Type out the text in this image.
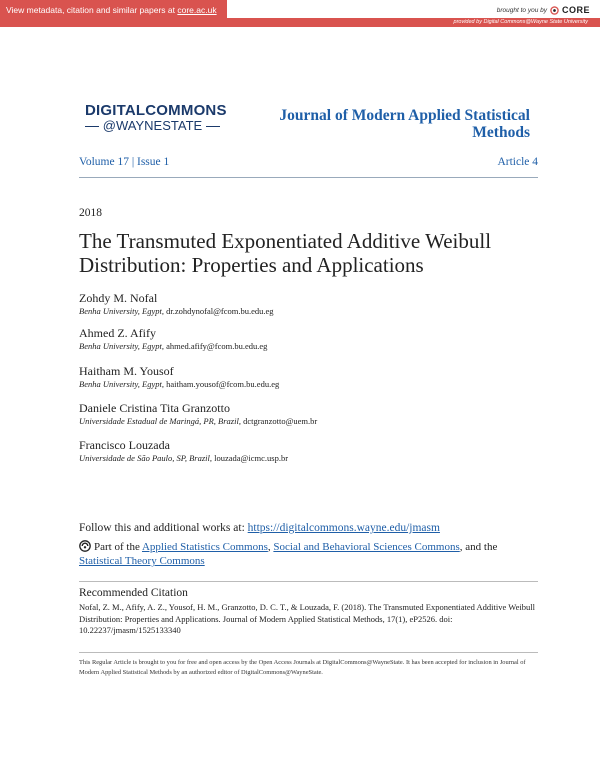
View metadata, citation and similar papers at core.ac.uk	brought to you by CORE
provided by Digital Commons@Wayne State University
DIGITALCOMMONS
@WAYNESTATE
Journal of Modern Applied Statistical Methods
Volume 17 | Issue 1	Article 4
2018
The Transmuted Exponentiated Additive Weibull Distribution: Properties and Applications
Zohdy M. Nofal
Benha University, Egypt, dr.zohdynofal@fcom.bu.edu.eg
Ahmed Z. Afify
Benha University, Egypt, ahmed.afify@fcom.bu.edu.eg
Haitham M. Yousof
Benha University, Egypt, haitham.yousof@fcom.bu.edu.eg
Daniele Cristina Tita Granzotto
Universidade Estadual de Maringá, PR, Brazil, dctgranzotto@uem.br
Francisco Louzada
Universidade de São Paulo, SP, Brazil, louzada@icmc.usp.br
Follow this and additional works at: https://digitalcommons.wayne.edu/jmasm
Part of the Applied Statistics Commons, Social and Behavioral Sciences Commons, and the
Statistical Theory Commons
Recommended Citation
Nofal, Z. M., Afify, A. Z., Yousof, H. M., Granzotto, D. C. T., & Louzada, F. (2018). The Transmuted Exponentiated Additive Weibull Distribution: Properties and Applications. Journal of Modern Applied Statistical Methods, 17(1), eP2526. doi: 10.22237/jmasm/1525133340
This Regular Article is brought to you for free and open access by the Open Access Journals at DigitalCommons@WayneState. It has been accepted for inclusion in Journal of Modern Applied Statistical Methods by an authorized editor of DigitalCommons@WayneState.
